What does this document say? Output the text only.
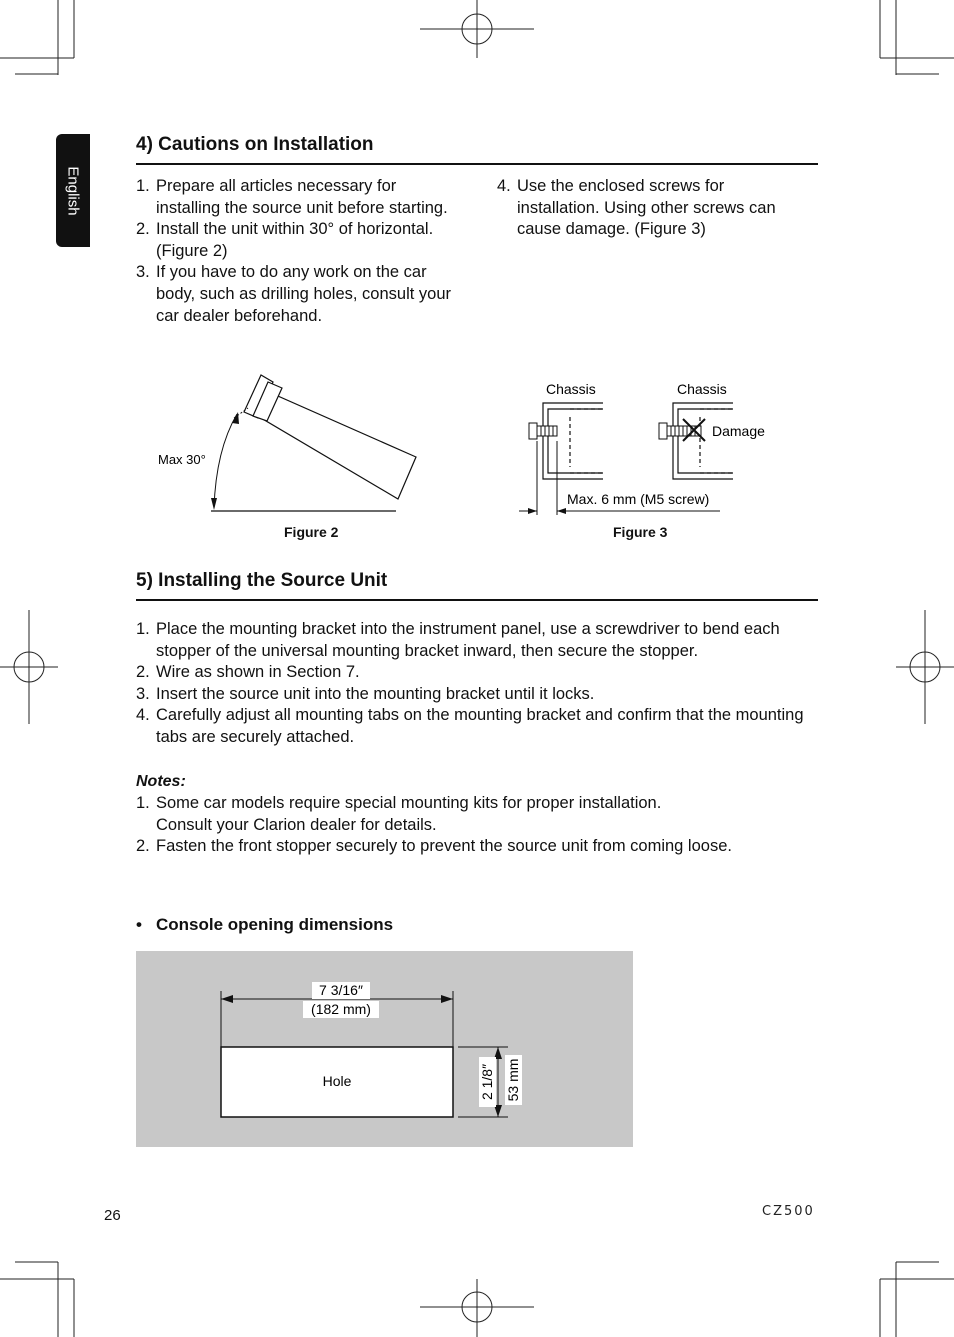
English
4) Cautions on Installation
1. Prepare all articles necessary for installing the source unit before starting.
2. Install the unit within 30° of horizontal. (Figure 2)
3. If you have to do any work on the car body, such as drilling holes, consult your car dealer beforehand.
4. Use the enclosed screws for installation. Using other screws can cause damage. (Figure 3)
Max 30°
Figure 2
Chassis	Chassis
Damage
Max. 6 mm (M5 screw)
Figure 3
5) Installing the Source Unit
1. Place the mounting bracket into the instrument panel, use a screwdriver to bend each stopper of the universal mounting bracket inward, then secure the stopper.
2. Wire as shown in Section 7.
3. Insert the source unit into the mounting bracket until it locks.
4. Carefully adjust all mounting tabs on the mounting bracket and confirm that the mounting tabs are securely attached.
Notes:
1. Some car models require special mounting kits for proper installation.
Consult your Clarion dealer for details.
2. Fasten the front stopper securely to prevent the source unit from coming loose.
• Console opening dimensions
Hole
7 3/16″
(182 mm)
2 1/8″ 53 mm
26	CZ500
